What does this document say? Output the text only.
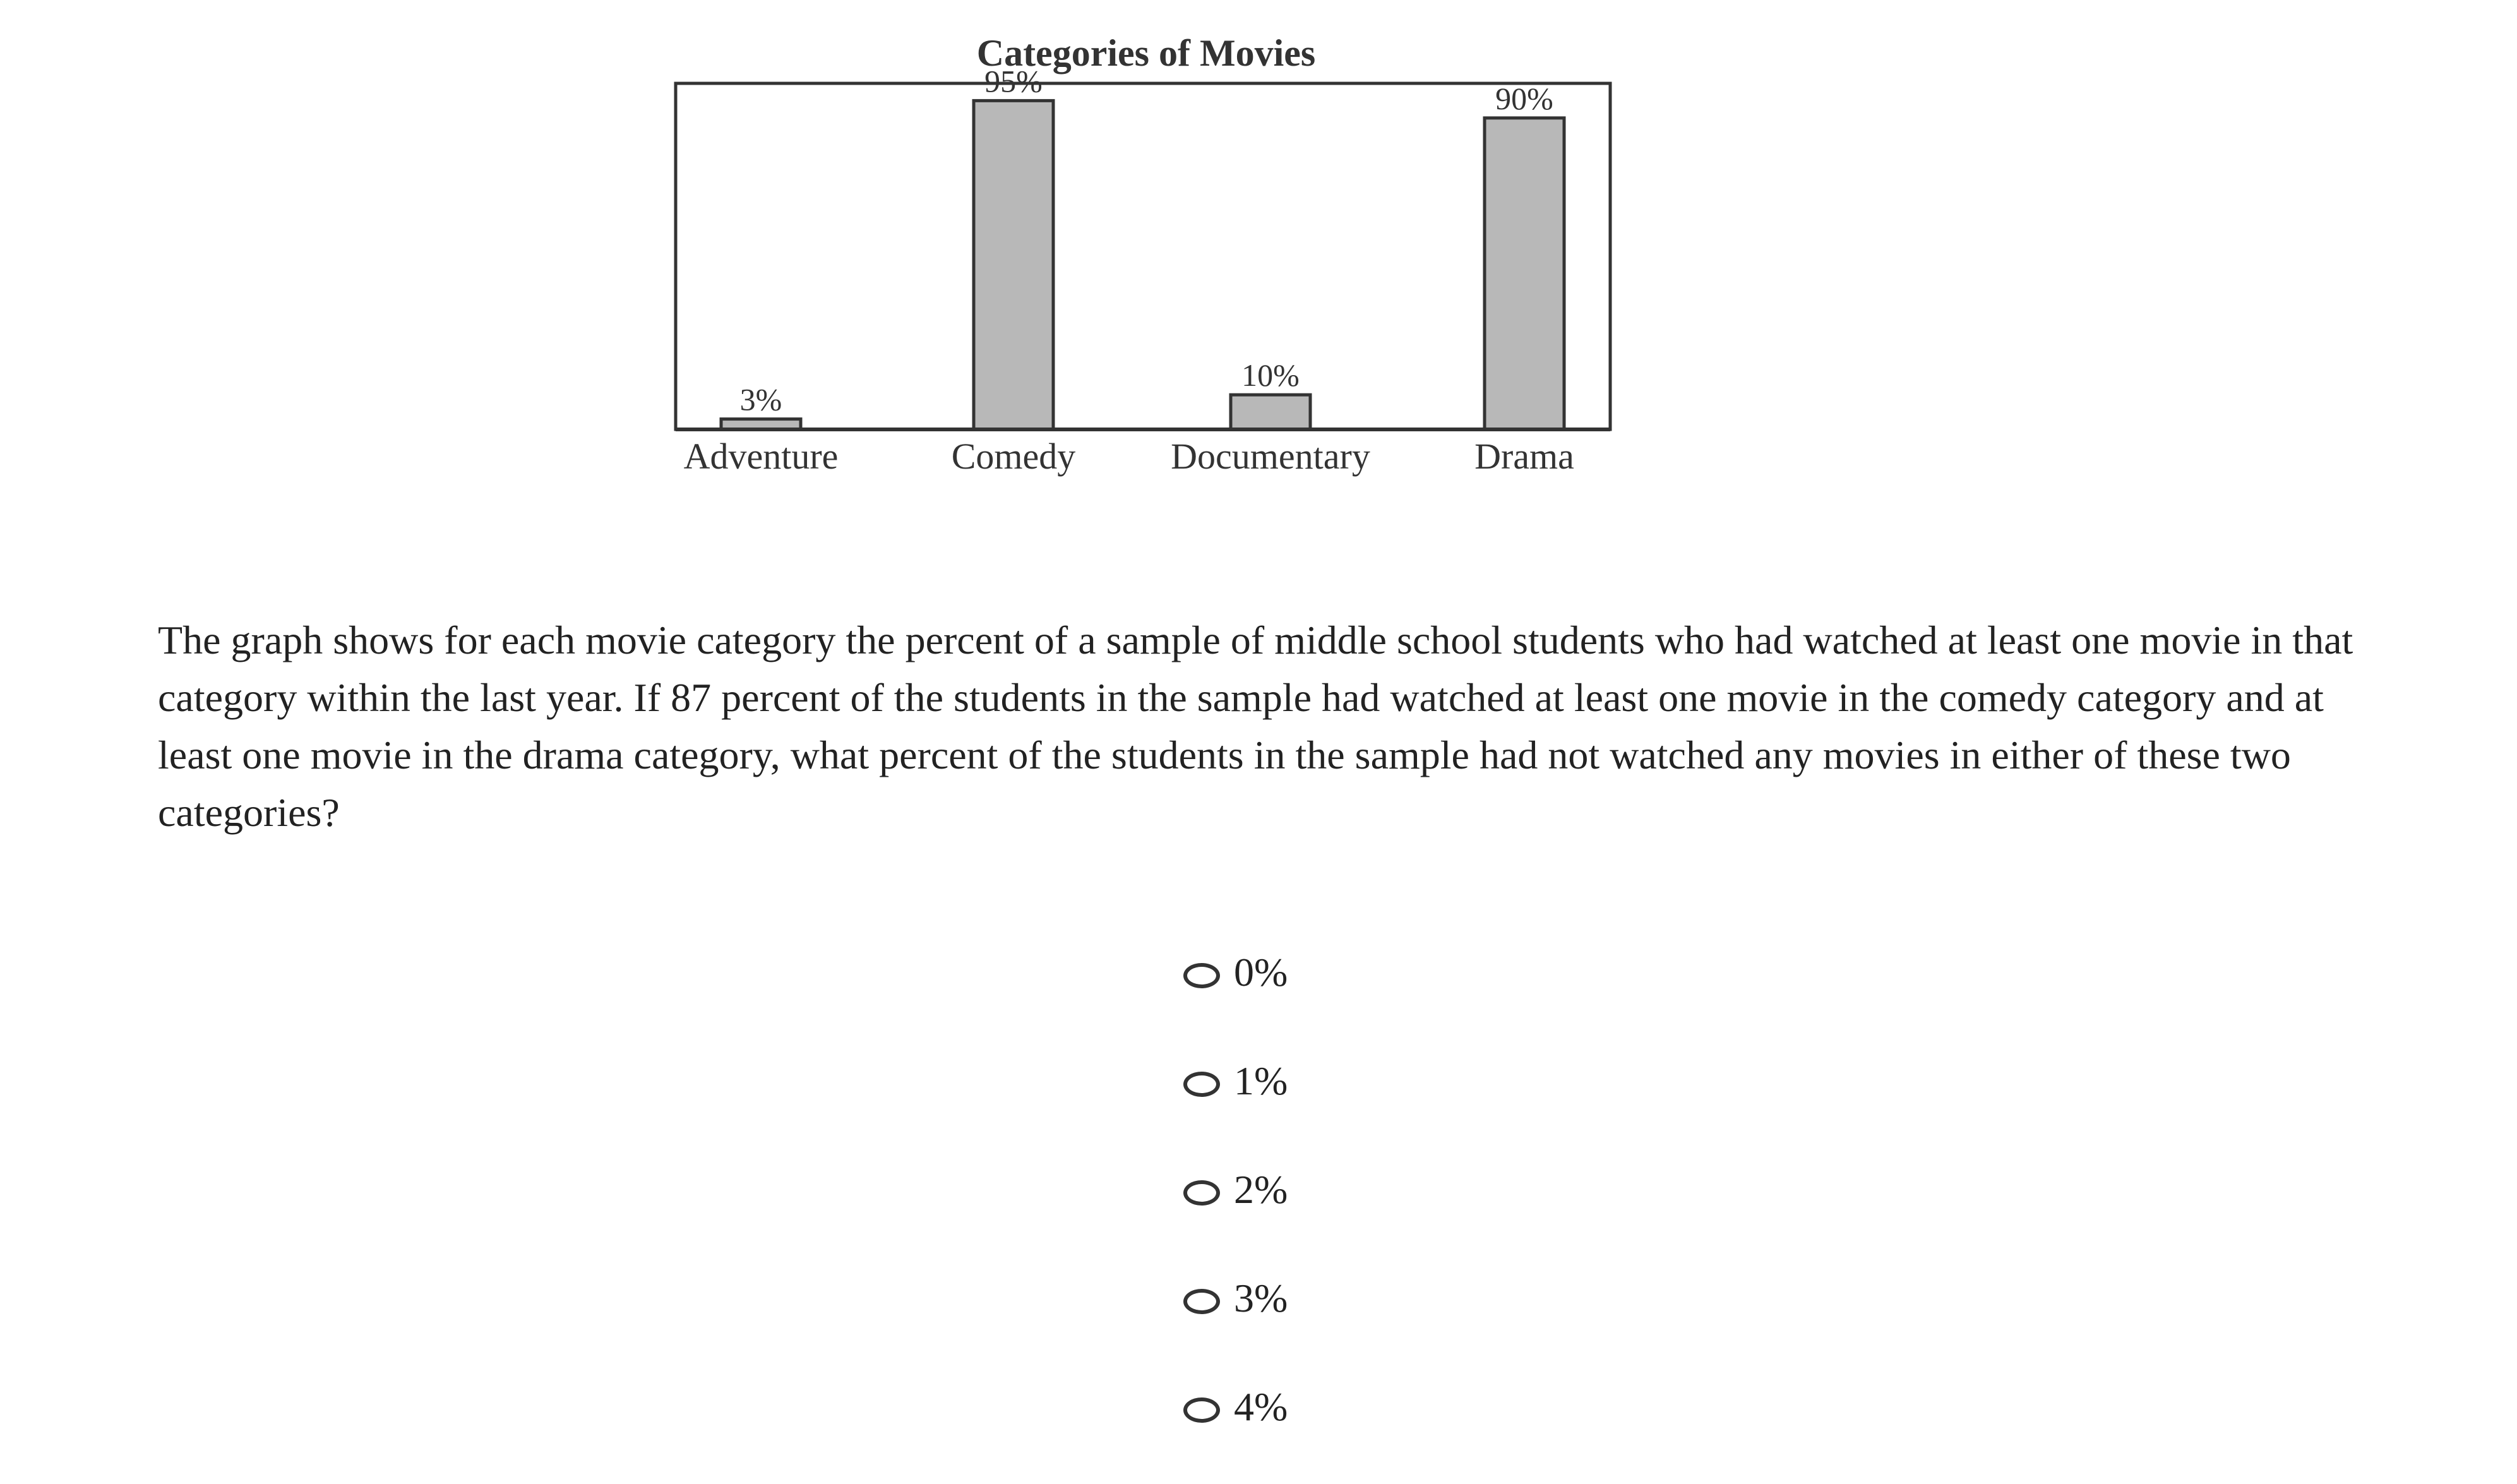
Categories of Movies
3%
Adventure
95%
Comedy
10%
Documentary
90%
Drama

The graph shows for each movie category the percent of a sample of middle school students who had watched at least one movie in that category within the last year. If 87 percent of the students in the sample had watched at least one movie in the comedy category and at least one movie in the drama category, what percent of the students in the sample had not watched any movies in either of these two categories?

0%
1%
2%
3%
4%
